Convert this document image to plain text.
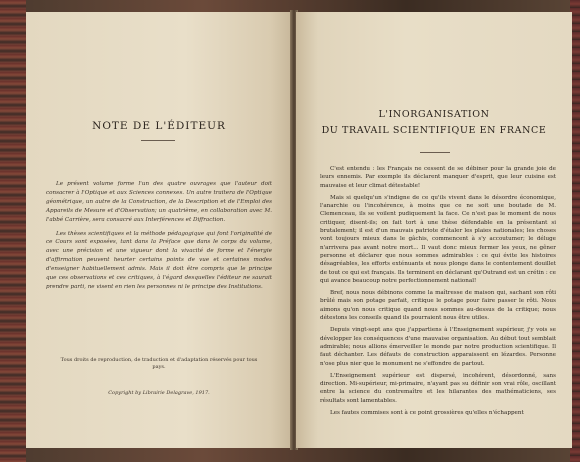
NOTE DE L'ÉDITEUR

Le présent volume forme l'un des quatre ouvrages que l'auteur doit consacrer à l'Optique et aux Sciences connexes. Un autre traitera de l'Optique géométrique, un autre de la Construction, de la Description et de l'Emploi des Appareils de Mesure et d'Observation; un quatrième, en collaboration avec M. l'abbé Carrière, sera consacré aux Interférences et Diffraction.

Les thèses scientifiques et la méthode pédagogique qui font l'originalité de ce Cours sont exposées, tant dans la Préface que dans le corps du volume, avec une précision et une vigueur dont la vivacité de forme et l'énergie d'affirmation peuvent heurter certains points de vue et certaines modes d'enseigner habituellement admis. Mais il doit être compris que le principe que ces observations et ces critiques, à l'égard desquelles l'éditeur ne saurait prendre parti, ne visent en rien les personnes ni le principe des Institutions.

Tous droits de reproduction, de traduction et d'adaptation réservés pour tous pays.
Copyright by Librairie Delagrave, 1917.
L'INORGANISATION
DU TRAVAIL SCIENTIFIQUE EN FRANCE

C'est entendu : les Français ne cessent de se débiner pour la grande joie de leurs ennemis. Par exemple ils déclarent manquer d'esprit, que leur cuisine est mauvaise et leur climat détestable!

Mais si quelqu'un s'indigne de ce qu'ils vivent dans le désordre économique, l'anarchie ou l'incohérence, à moins que ce ne soit une boutade de M. Clemenceau, ils se voilent pudiquement la face. Ce n'est pas le moment de nous critiquer, disent-ils; on fait tort à une thèse défendable en la présentant si brutalement; il est d'un mauvais patriote d'étaler les plaies nationales; les choses vont toujours mieux dans le gâchis, commencent à s'y accoutumer; le déluge n'arrivera pas avant notre mort... Il vaut donc mieux fermer les yeux, ne gêner personne et déclarer que nous sommes admirables : ce qui évite les histoires désagréables, les efforts exténuants et nous plonge dans le contentement douillet de tout ce qui est français. Ils terminent en déclarant qu'Outrand est un crétin : ce qui avance beaucoup notre perfectionnement national!

Bref, nous nous débinons comme la maîtresse de maison qui, sachant son rôti brûlé mais son potage parfait, critique le potage pour faire passer le rôti. Nous aimons qu'on nous critique quand nous sommes au-dessus de la critique; nous détestons les conseils quand ils pourraient nous être utiles.

Depuis vingt-sept ans que j'appartiens à l'Enseignement supérieur, j'y vois se développer les conséquences d'une mauvaise organisation. Au début tout semblait admirable; nous allions émerveiller le monde par notre production scientifique. Il faut déchanter. Les défauts de construction apparaissent en lézardes. Personne n'ose plus nier que le monument ne s'effondre de partout.

L'Enseignement supérieur est dispersé, incohérent, désordonné, sans direction. Mi-supérieur, mi-primaire, n'ayant pas su définir son vrai rôle, oscillant entre la science du contremaître et les hilarantes des mathématiciens, ses résultats sont lamentables.

Les fautes commises sont à ce point grossières qu'elles n'échappent
